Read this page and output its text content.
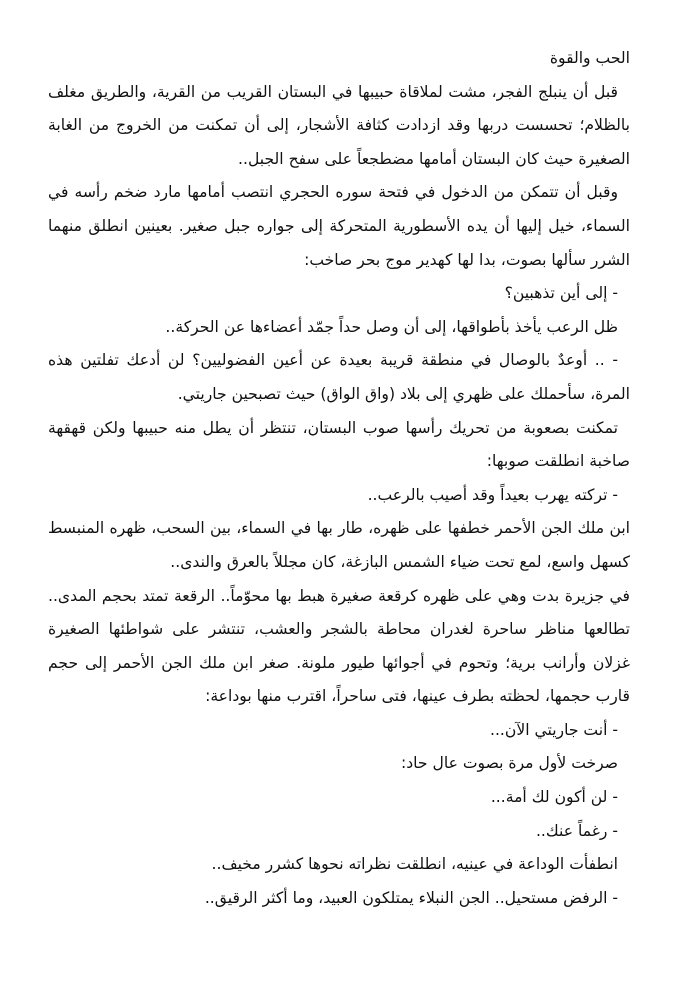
الحب والقوة

قبل أن ينبلج الفجر، مشت لملاقاة حبيبها في البستان القريب من القرية، والطريق مغلف بالظلام؛ تحسست دربها وقد ازدادت كثافة الأشجار، إلى أن تمكنت من الخروج من الغابة الصغيرة حيث كان البستان أمامها مضطجعاً على سفح الجبل..

وقبل أن تتمكن من الدخول في فتحة سوره الحجري انتصب أمامها مارد ضخم رأسه في السماء، خيل إليها أن يده الأسطورية المتحركة إلى جواره جبل صغير. بعينين انطلق منهما الشرر سألها بصوت، بدا لها كهدير موج بحر صاخب:

- إلى أين تذهبين؟

ظل الرعب يأخذ بأطواقها، إلى أن وصل حداً جمّد أعضاءها عن الحركة..

- .. أوعدٌ بالوصال في منطقة قريبة بعيدة عن أعين الفضوليين؟ لن أدعك تفلتين هذه المرة، سأحملك على ظهري إلى بلاد (واق الواق) حيث تصبحين جاريتي.

تمكنت بصعوبة من تحريك رأسها صوب البستان، تنتظر أن يطل منه حبيبها ولكن قهقهة صاخبة انطلقت صوبها:

- تركته يهرب بعيداً وقد أصيب بالرعب..

ابن ملك الجن الأحمر خطفها على ظهره، طار بها في السماء، بين السحب، ظهره المنبسط كسهل واسع، لمع تحت ضياء الشمس البازغة، كان مجللاً بالعرق والندى..

في جزيرة بدت وهي على ظهره كرقعة صغيرة هبط بها محوّماً.. الرقعة تمتد بحجم المدى.. تطالعها مناظر ساحرة لغدران محاطة بالشجر والعشب، تنتشر على شواطئها الصغيرة غزلان وأرانب برية؛ وتحوم في أجوائها طيور ملونة. صغر ابن ملك الجن الأحمر إلى حجم قارب حجمها، لحظته بطرف عينها، فتى ساحراً، اقترب منها بوداعة:

- أنت جاريتي الآن...

صرخت لأول مرة بصوت عال حاد:

- لن أكون لك أمة...

- رغماً عنك..

انطفأت الوداعة في عينيه، انطلقت نظراته نحوها كشرر مخيف..

- الرفض مستحيل.. الجن النبلاء يمتلكون العبيد، وما أكثر الرقيق..
